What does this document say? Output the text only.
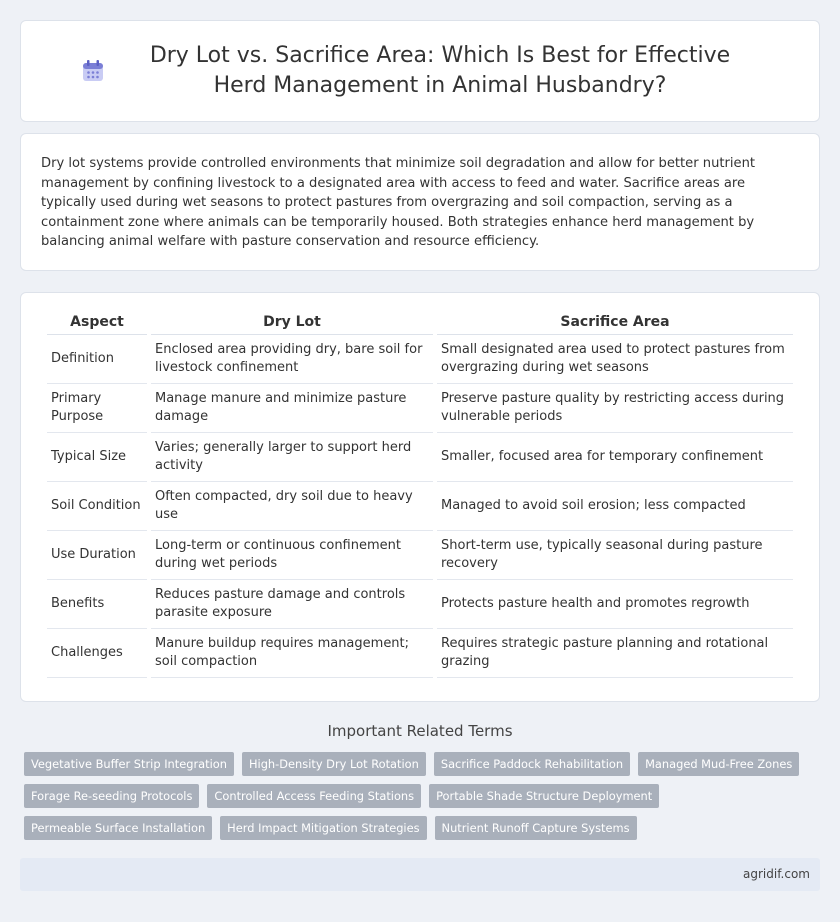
Dry Lot vs. Sacrifice Area: Which Is Best for Effective Herd Management in Animal Husbandry?

Dry lot systems provide controlled environments that minimize soil degradation and allow for better nutrient management by confining livestock to a designated area with access to feed and water. Sacrifice areas are typically used during wet seasons to protect pastures from overgrazing and soil compaction, serving as a containment zone where animals can be temporarily housed. Both strategies enhance herd management by balancing animal welfare with pasture conservation and resource efficiency.

Aspect	Dry Lot	Sacrifice Area
Definition	Enclosed area providing dry, bare soil for livestock confinement	Small designated area used to protect pastures from overgrazing during wet seasons
Primary Purpose	Manage manure and minimize pasture damage	Preserve pasture quality by restricting access during vulnerable periods
Typical Size	Varies; generally larger to support herd activity	Smaller, focused area for temporary confinement
Soil Condition	Often compacted, dry soil due to heavy use	Managed to avoid soil erosion; less compacted
Use Duration	Long-term or continuous confinement during wet periods	Short-term use, typically seasonal during pasture recovery
Benefits	Reduces pasture damage and controls parasite exposure	Protects pasture health and promotes regrowth
Challenges	Manure buildup requires management; soil compaction	Requires strategic pasture planning and rotational grazing
Important Related Terms
Vegetative Buffer Strip Integration	High-Density Dry Lot Rotation	Sacrifice Paddock Rehabilitation	Managed Mud-Free Zones
Forage Re-seeding Protocols	Controlled Access Feeding Stations	Portable Shade Structure Deployment
Permeable Surface Installation	Herd Impact Mitigation Strategies	Nutrient Runoff Capture Systems
agridif.com
